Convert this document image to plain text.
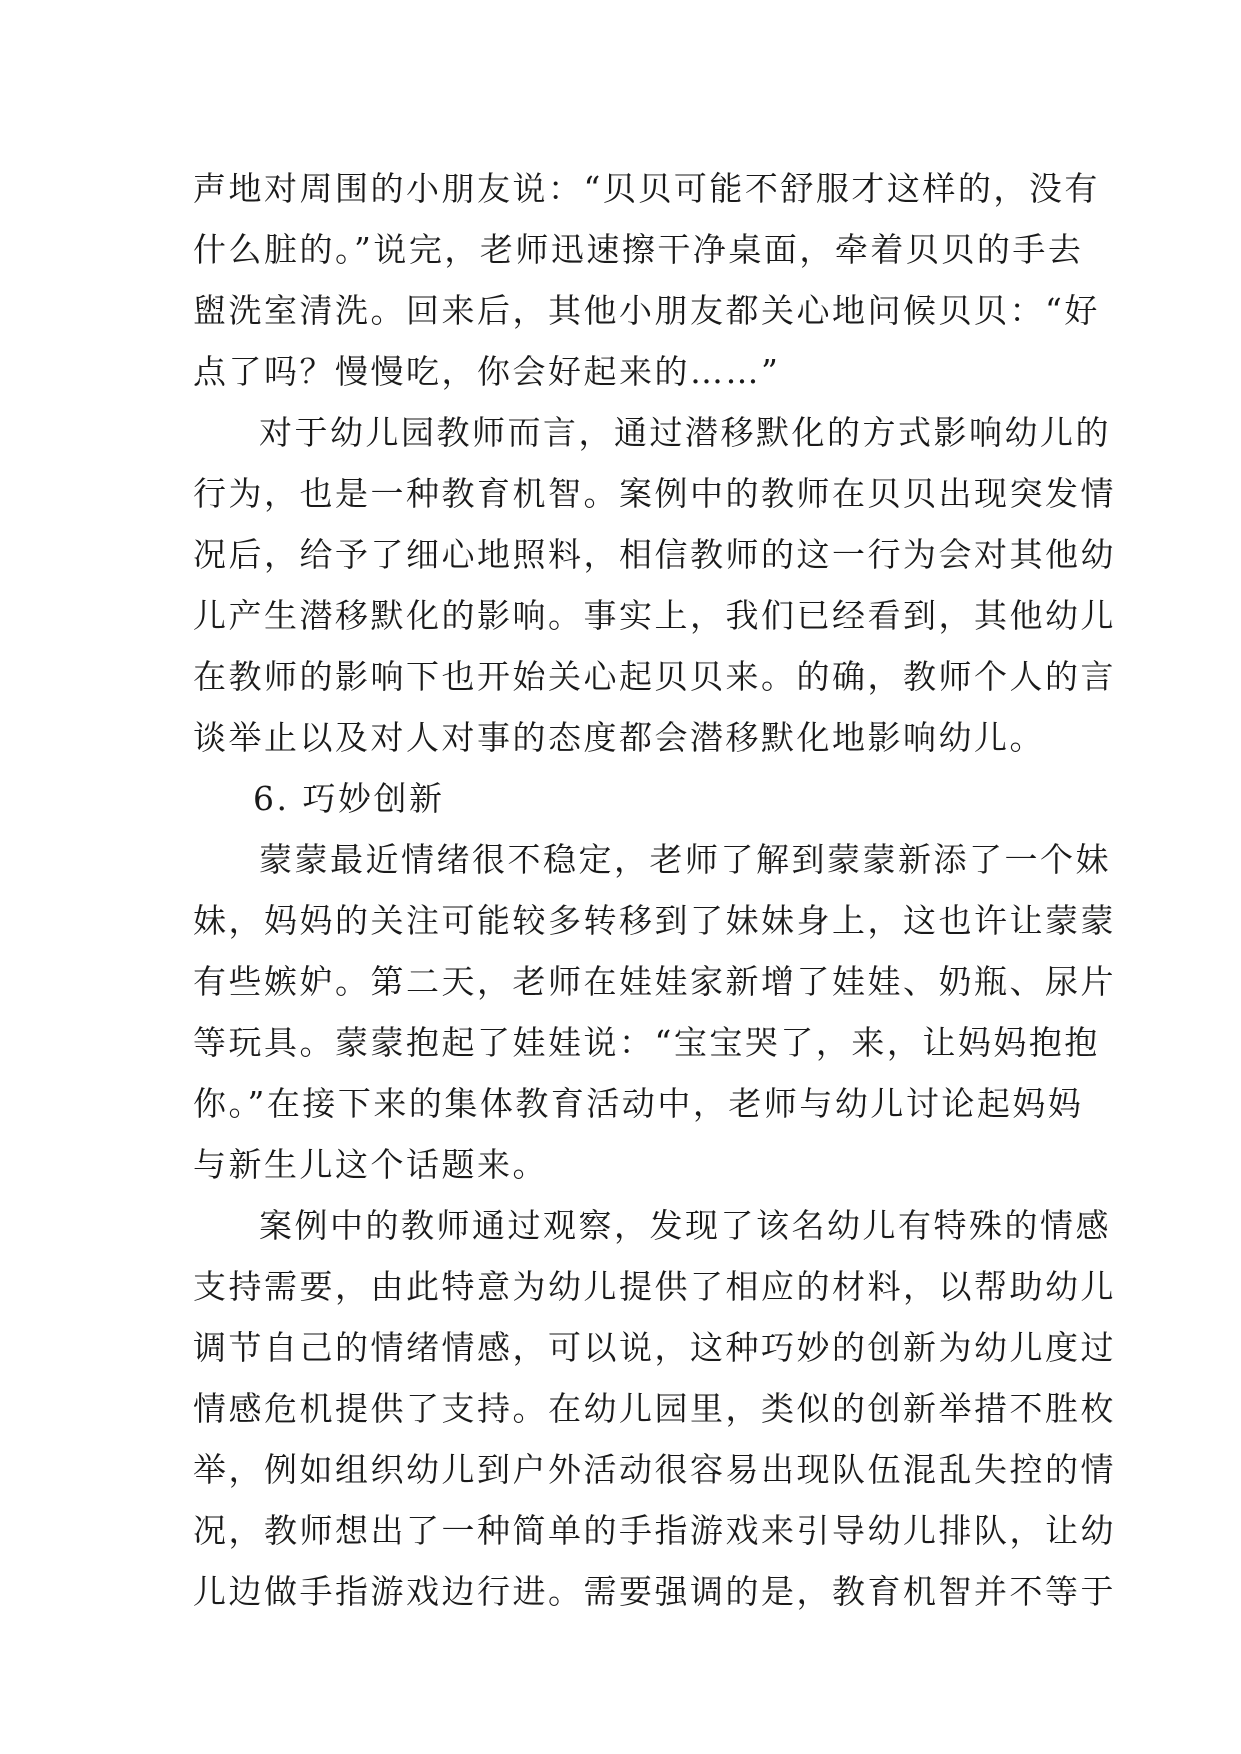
声地对周围的小朋友说：“贝贝可能不舒服才这样的，没有
什么脏的。”说完，老师迅速擦干净桌面，牵着贝贝的手去
盥洗室清洗。回来后，其他小朋友都关心地问候贝贝：“好
点了吗？慢慢吃，你会好起来的……”
对于幼儿园教师而言，通过潜移默化的方式影响幼儿的
行为，也是一种教育机智。案例中的教师在贝贝出现突发情
况后，给予了细心地照料，相信教师的这一行为会对其他幼
儿产生潜移默化的影响。事实上，我们已经看到，其他幼儿
在教师的影响下也开始关心起贝贝来。的确，教师个人的言
谈举止以及对人对事的态度都会潜移默化地影响幼儿。
6. 巧妙创新
蒙蒙最近情绪很不稳定，老师了解到蒙蒙新添了一个妹
妹，妈妈的关注可能较多转移到了妹妹身上，这也许让蒙蒙
有些嫉妒。第二天，老师在娃娃家新增了娃娃、奶瓶、尿片
等玩具。蒙蒙抱起了娃娃说：“宝宝哭了，来，让妈妈抱抱
你。”在接下来的集体教育活动中，老师与幼儿讨论起妈妈
与新生儿这个话题来。
案例中的教师通过观察，发现了该名幼儿有特殊的情感
支持需要，由此特意为幼儿提供了相应的材料，以帮助幼儿
调节自己的情绪情感，可以说，这种巧妙的创新为幼儿度过
情感危机提供了支持。在幼儿园里，类似的创新举措不胜枚
举，例如组织幼儿到户外活动很容易出现队伍混乱失控的情
况，教师想出了一种简单的手指游戏来引导幼儿排队，让幼
儿边做手指游戏边行进。需要强调的是，教育机智并不等于
